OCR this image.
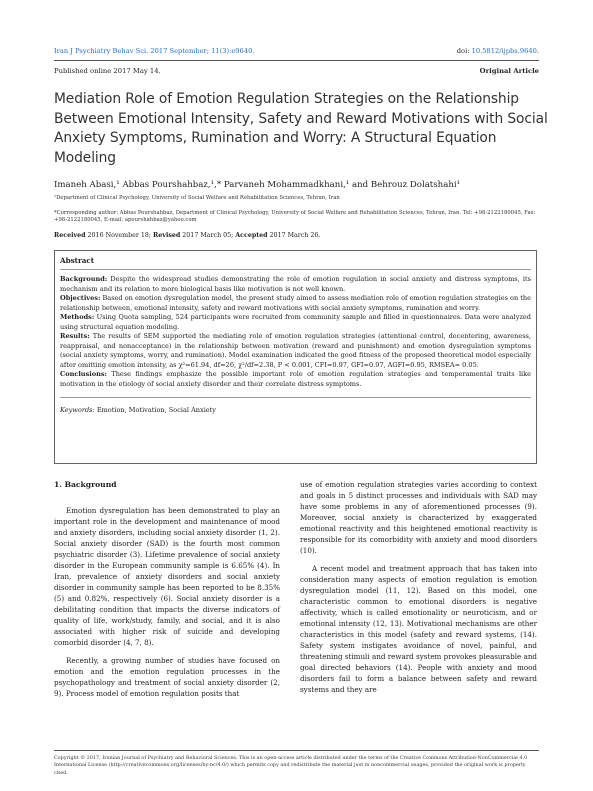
Iran J Psychiatry Behav Sci. 2017 September; 11(3):e9640.	doi: 10.5812/ijpbs.9640.
Published online 2017 May 14.	Original Article
Mediation Role of Emotion Regulation Strategies on the Relationship Between Emotional Intensity, Safety and Reward Motivations with Social Anxiety Symptoms, Rumination and Worry: A Structural Equation Modeling
Imaneh Abasi,¹ Abbas Pourshahbaz,¹,* Parvaneh Mohammadkhani,¹ and Behrouz Dolatshahi¹
¹Department of Clinical Psychology, University of Social Welfare and Rehabilitation Sciences, Tehran, Iran
*Corresponding author: Abbas Pourshahbaz, Department of Clinical Psychology, University of Social Welfare and Rehabilitation Sciences, Tehran, Iran. Tel: +98-2122180045, Fax: +98-2122180045, E-mail: apourshahbaz@yahoo.com
Received 2016 November 18; Revised 2017 March 05; Accepted 2017 March 26.
Abstract

Background: Despite the widespread studies demonstrating the role of emotion regulation in social anxiety and distress symptoms, its mechanism and its relation to more biological basis like motivation is not well known.

Objectives: Based on emotion dysregulation model, the present study aimed to assess mediation role of emotion regulation strategies on the relationship between, emotional intensity, safety and reward motivations with social anxiety symptoms, rumination and worry.

Methods: Using Quota sampling, 524 participants were recruited from community sample and filled in questionnaires. Data were analyzed using structural equation modeling.

Results: The results of SEM supported the mediating role of emotion regulation strategies (attentional control, decentering, awareness, reappraisal, and nonacceptance) in the relationship between motivation (reward and punishment) and emotion dysregulation symptoms (social anxiety symptoms, worry, and rumination). Model examination indicated the good fitness of the proposed theoretical model especially after omitting emotion intensity, as χ²=61.94, df=26, χ²/df=2.38, P < 0.001, CFI=0.97, GFI=0.97, AGFI=0.95, RMSEA= 0.05.

Conclusions: These findings emphasize the possible important role of emotion regulation strategies and temperamental traits like motivation in the etiology of social anxiety disorder and their correlate distress symptoms.

Keywords: Emotion, Motivation, Social Anxiety
1. Background

Emotion dysregulation has been demonstrated to play an important role in the development and maintenance of mood and anxiety disorders, including social anxiety disorder (1, 2). Social anxiety disorder (SAD) is the fourth most common psychiatric disorder (3). Lifetime prevalence of social anxiety disorder in the European community sample is 6.65% (4). In Iran, prevalence of anxiety disorders and social anxiety disorder in community sample has been reported to be 8.35% (5) and 0.82%, respectively (6). Social anxiety disorder is a debilitating condition that impacts the diverse indicators of quality of life, work/study, family, and social, and it is also associated with higher risk of suicide and developing comorbid disorder (4, 7, 8).

Recently, a growing number of studies have focused on emotion and the emotion regulation processes in the psychopathology and treatment of social anxiety disorder (2, 9). Process model of emotion regulation posits that

use of emotion regulation strategies varies according to context and goals in 5 distinct processes and individuals with SAD may have some problems in any of aforementioned processes (9). Moreover, social anxiety is characterized by exaggerated emotional reactivity and this heightened emotional reactivity is responsible for its comorbidity with anxiety and mood disorders (10).

A recent model and treatment approach that has taken into consideration many aspects of emotion regulation is emotion dysregulation model (11, 12). Based on this model, one characteristic common to emotional disorders is negative affectivity, which is called emotionality or neuroticism, and or emotional intensity (12, 13). Motivational mechanisms are other characteristics in this model (safety and reward systems, (14). Safety system instigates avoidance of novel, painful, and threatening stimuli and reward system provokes pleasurable and goal directed behaviors (14). People with anxiety and mood disorders fail to form a balance between safety and reward systems and they are

Copyright © 2017, Iranian Journal of Psychiatry and Behavioral Sciences. This is an open-access article distributed under the terms of the Creative Commons Attribution-NonCommercial 4.0 International License (http://creativecommons.org/licenses/by-nc/4.0/) which permits copy and redistribute the material just in noncommercial usages, provided the original work is properly cited.
